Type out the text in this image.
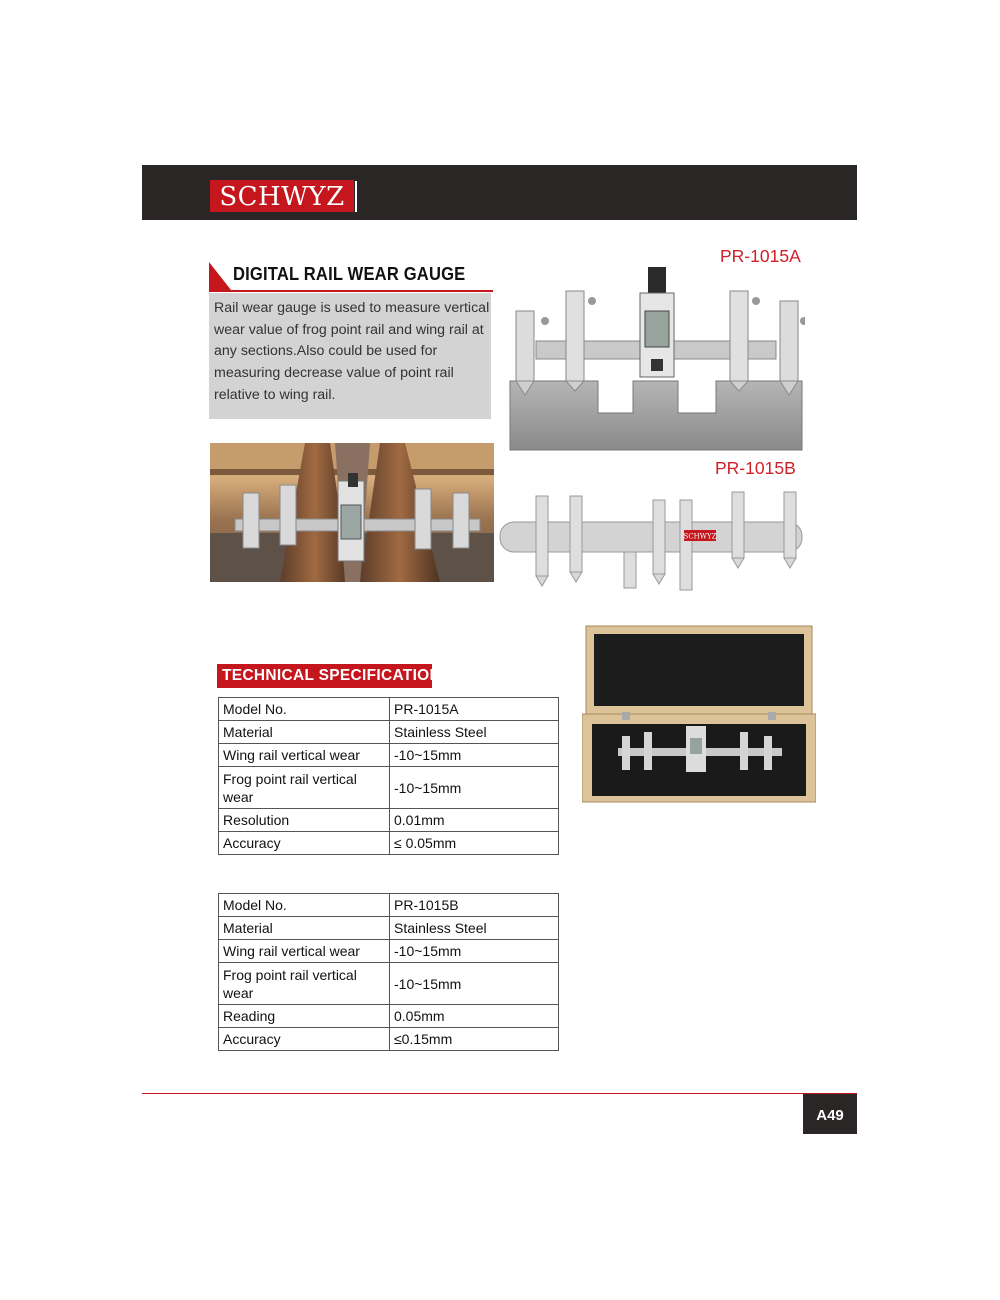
SCHWYZ
DIGITAL RAIL WEAR GAUGE
Rail wear gauge is used to measure vertical wear value of frog point rail and wing rail at any sections.Also could be used for measuring decrease value of point rail relative to wing rail.
PR-1015A
PR-1015B
SCHWYZ
TECHNICAL SPECIFICATION
Model No.	PR-1015A
Material	Stainless Steel
Wing rail vertical wear	-10~15mm
Frog point rail vertical wear	-10~15mm
Resolution	0.01mm
Accuracy	≤ 0.05mm
Model No.	PR-1015B
Material	Stainless Steel
Wing rail vertical wear	-10~15mm
Frog point rail vertical wear	-10~15mm
Reading	0.05mm
Accuracy	≤0.15mm
A49
